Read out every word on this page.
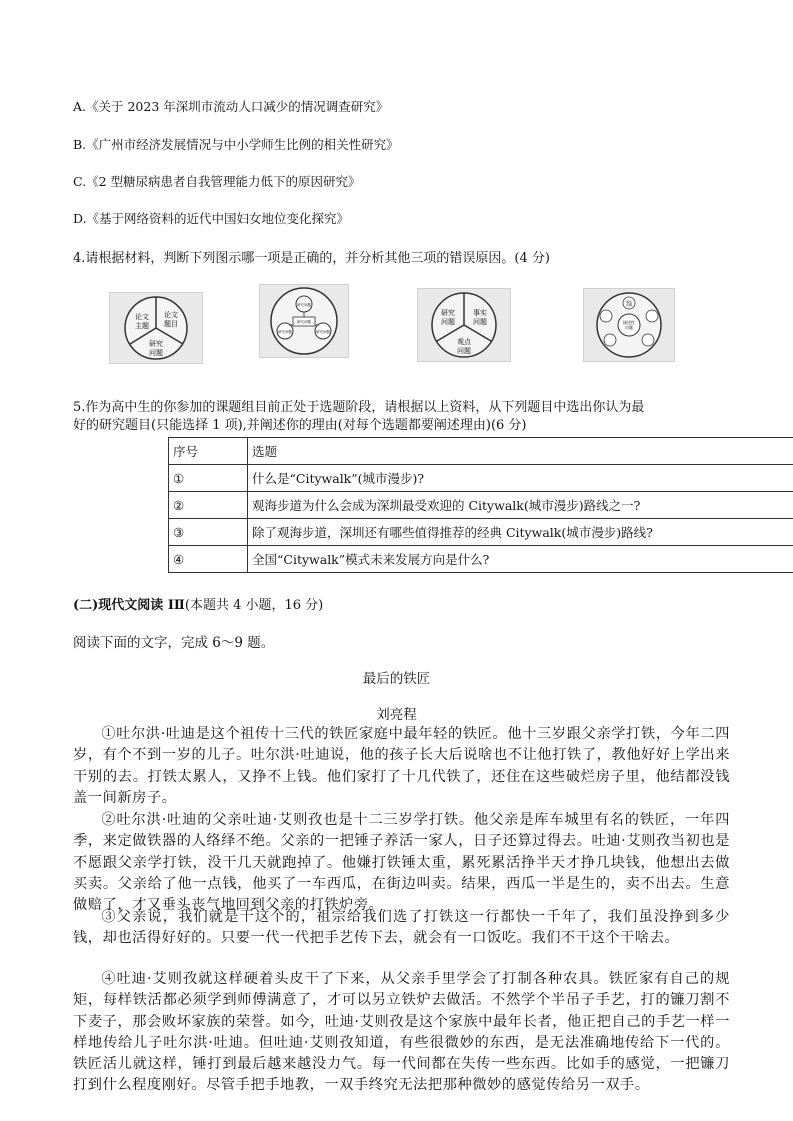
A.《关于 2023 年深圳市流动人口减少的情况调查研究》
B.《广州市经济发展情况与中小学师生比例的相关性研究》
C.《2 型糖尿病患者自我管理能力低下的原因研究》
D.《基于网络资料的近代中国妇女地位变化探究》
4.请根据材料，判断下列图示哪一项是正确的，并分析其他三项的错误原因。(4 分)
论文
主题
论文
题目
研究
问题
研究问题
研究问题
研究问题	研究问题
研究
问题
事实
问题
观点
问题
描述性
问题
事实
问题
5.作为高中生的你参加的课题组目前正处于选题阶段，请根据以上资料，从下列题目中选出你认为最
好的研究题目(只能选择 1 项),并阐述你的理由(对每个选题都要阐述理由)(6 分)
序号	选题
①	什么是“Citywalk”(城市漫步)?
②	观海步道为什么会成为深圳最受欢迎的 Citywalk(城市漫步)路线之一?
③	除了观海步道，深圳还有哪些值得推荐的经典 Citywalk(城市漫步)路线?
④	全国“Citywalk”模式未来发展方向是什么?
(二)现代文阅读 IⅡ(本题共 4 小题，16 分)
阅读下面的文字，完成 6～9 题。
最后的铁匠
刘亮程
①吐尔洪·吐迪是这个祖传十三代的铁匠家庭中最年轻的铁匠。他十三岁跟父亲学打铁，今年二四岁，有个不到一岁的儿子。吐尔洪·吐迪说，他的孩子长大后说啥也不让他打铁了，教他好好上学出来干别的去。打铁太累人，又挣不上钱。他们家打了十几代铁了，还住在这些破烂房子里，他结都没钱盖一间新房子。
②吐尔洪·吐迪的父亲吐迪·艾则孜也是十二三岁学打铁。他父亲是库车城里有名的铁匠，一年四季，来定做铁器的人络绎不绝。父亲的一把锤子养活一家人，日子还算过得去。吐迪·艾则孜当初也是不愿跟父亲学打铁，没干几天就跑掉了。他嫌打铁锤太重，累死累活挣半天才挣几块钱，他想出去做买卖。父亲给了他一点钱，他买了一车西瓜，在街边叫卖。结果，西瓜一半是生的，卖不出去。生意做赔了，才又垂头丧气地回到父亲的打铁炉旁。
③父亲说，我们就是干这个的，祖宗给我们选了打铁这一行都快一千年了，我们虽没挣到多少钱，却也活得好好的。只要一代一代把手艺传下去，就会有一口饭吃。我们不干这个干啥去。
④吐迪·艾则孜就这样硬着头皮干了下来，从父亲手里学会了打制各种农具。铁匠家有自己的规矩，每样铁活都必须学到师傅满意了，才可以另立铁炉去做活。不然学个半吊子手艺，打的镰刀割不下麦子，那会败坏家族的荣誉。如今，吐迪·艾则孜是这个家族中最年长者，他正把自己的手艺一样一样地传给儿子吐尔洪·吐迪。但吐迪·艾则孜知道，有些很微妙的东西，是无法准确地传给下一代的。铁匠活儿就这样，锤打到最后越来越没力气。每一代间都在失传一些东西。比如手的感觉，一把镰刀打到什么程度刚好。尽管手把手地教，一双手终究无法把那种微妙的感觉传给另一双手。
